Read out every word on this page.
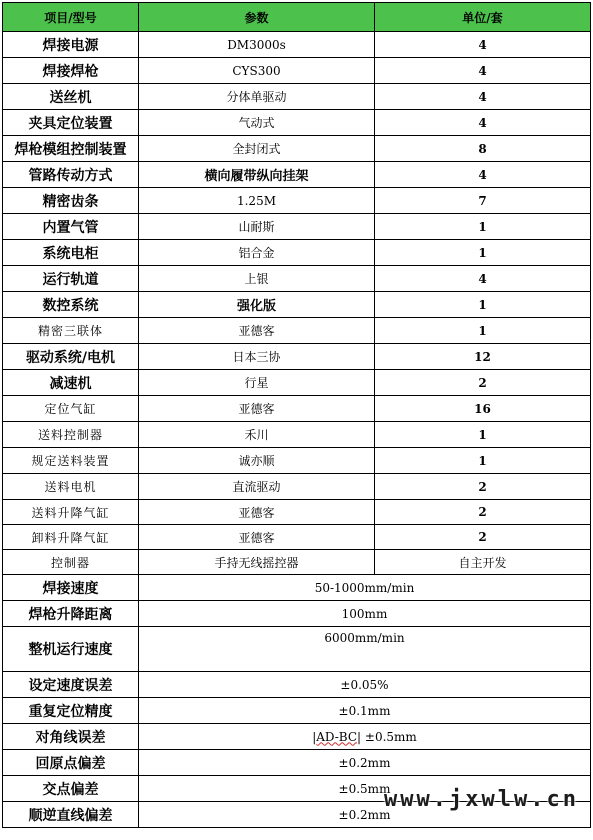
项目/型号	参数	单位/套
焊接电源	DM3000s	4
焊接焊枪	CYS300	4
送丝机	分体单驱动	4
夹具定位装置	气动式	4
焊枪模组控制装置	全封闭式	8
管路传动方式	横向履带纵向挂架	4
精密齿条	1.25M	7
内置气管	山耐斯	1
系统电柜	铝合金	1
运行轨道	上银	4
数控系统	强化版	1
精密三联体	亚德客	1
驱动系统/电机	日本三协	12
减速机	行星	2
定位气缸	亚德客	16
送料控制器	禾川	1
规定送料装置	诚亦顺	1
送料电机	直流驱动	2
送料升降气缸	亚德客	2
卸料升降气缸	亚德客	2
控制器	手持无线摇控器	自主开发
焊接速度	50-1000mm/min	
焊枪升降距离	100mm	
整机运行速度	6000mm/min	
设定速度误差	±0.05%	
重复定位精度	±0.1mm	
对角线误差	|AD-BC| ±0.5mm	
回原点偏差	±0.2mm	
交点偏差	±0.5mm	
顺逆直线偏差	±0.2mm	
www.jxwlw.cn
